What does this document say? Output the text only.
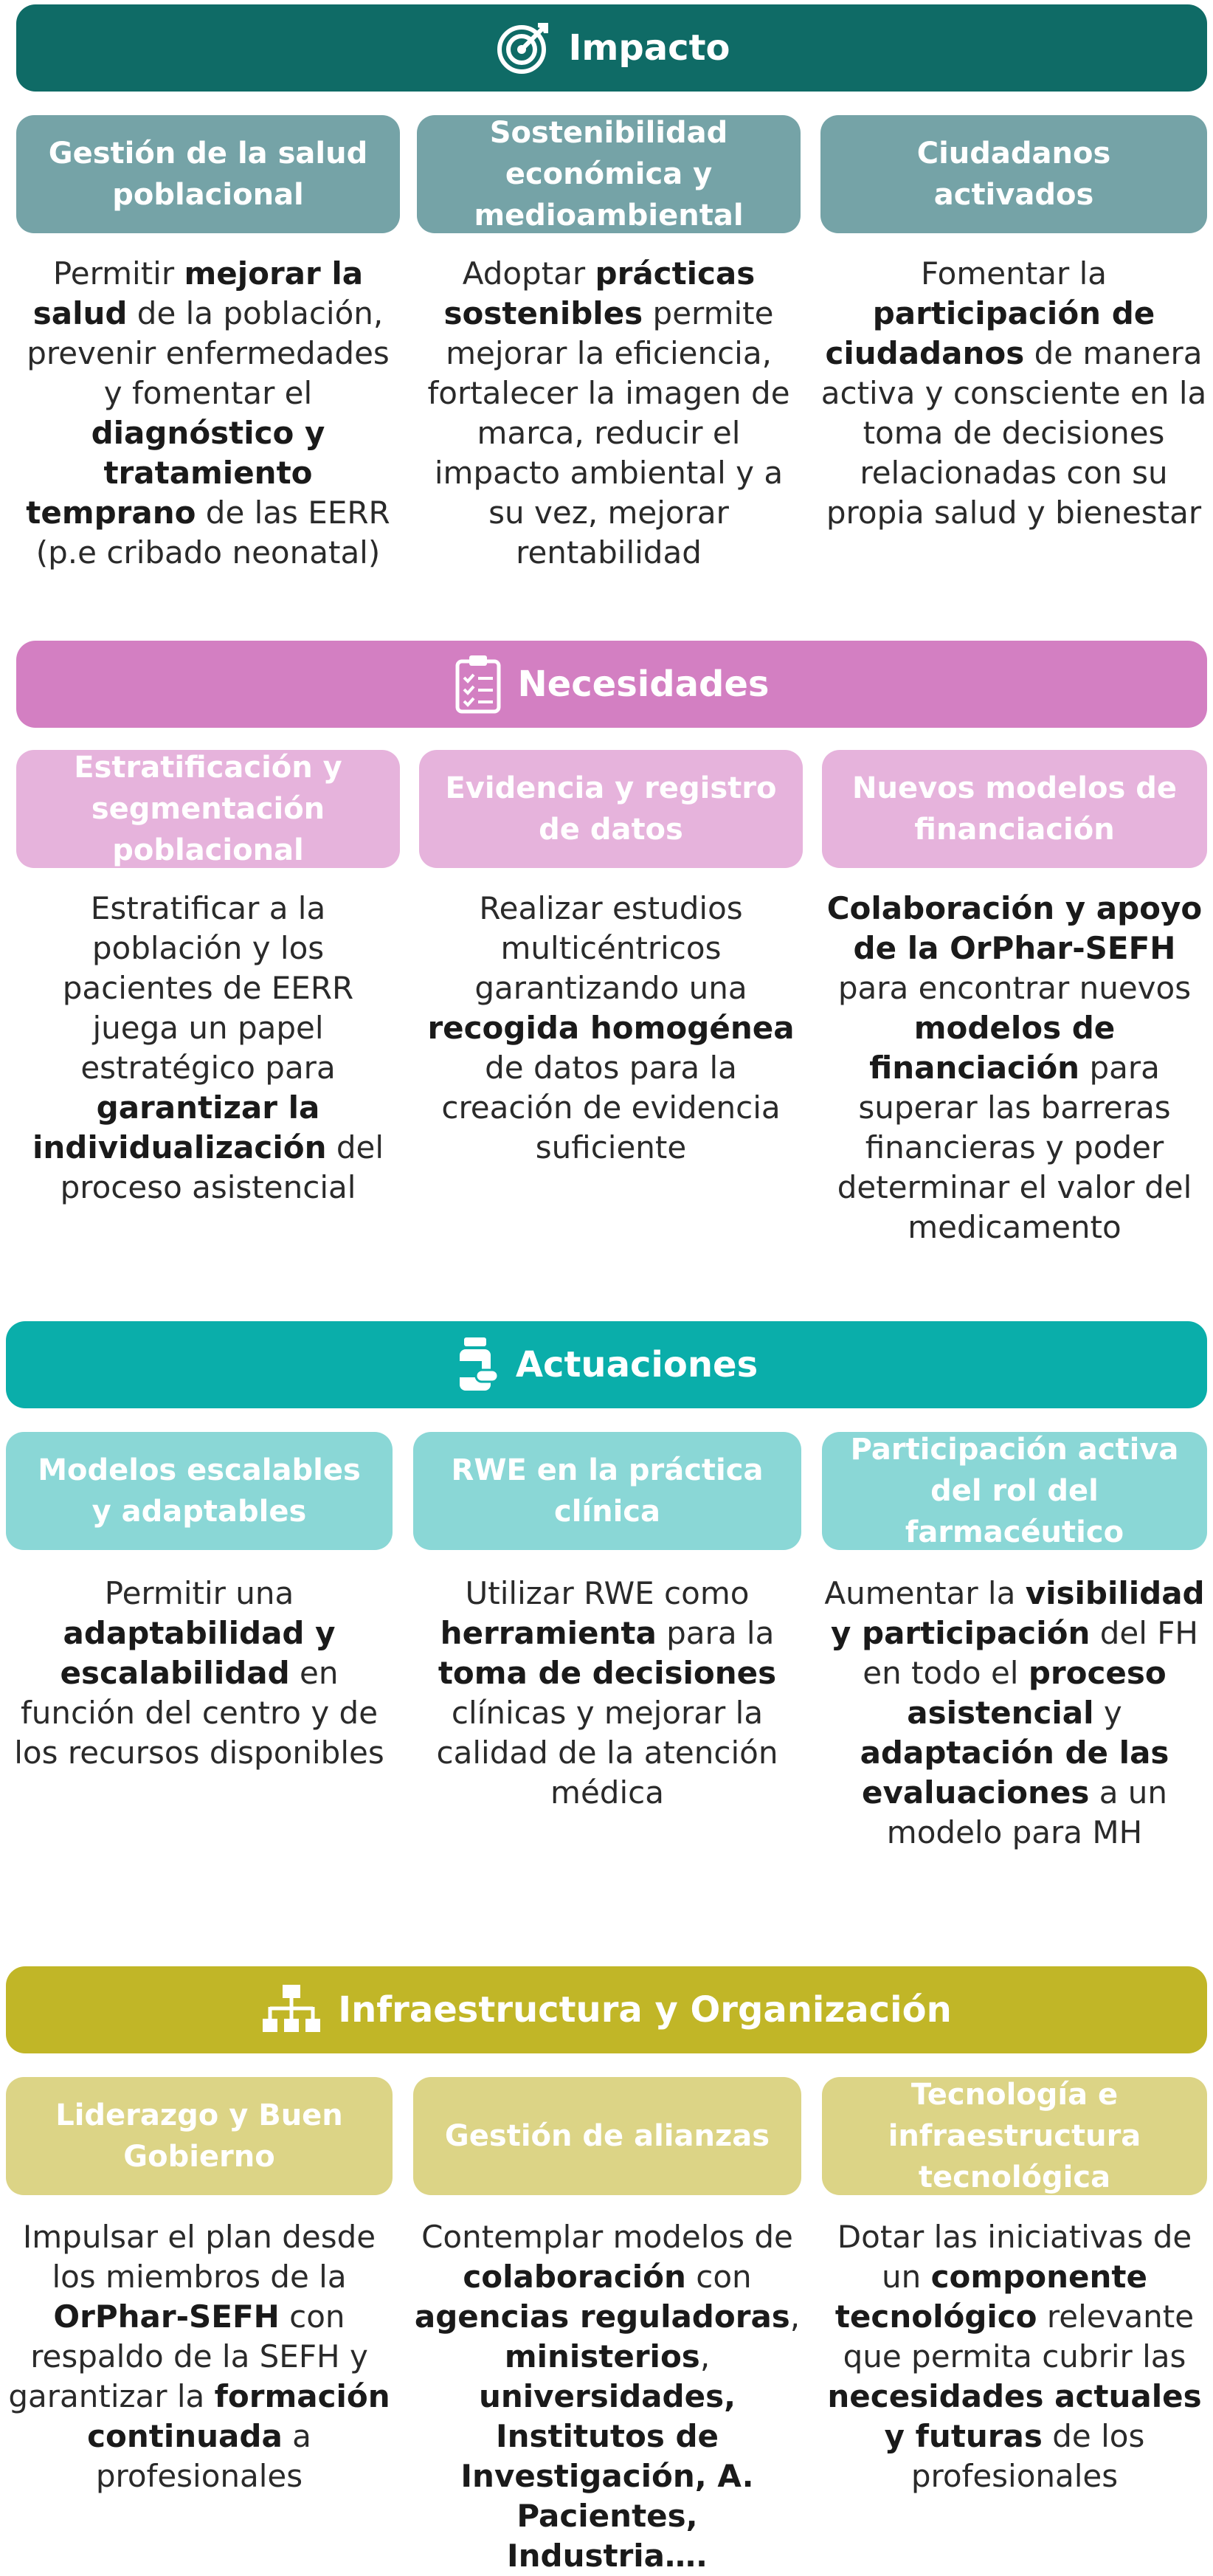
Impacto
Gestión de la salud poblacional
Sostenibilidad económica y medioambiental
Ciudadanos activados

Permitir mejorar la salud de la población, prevenir enfermedades y fomentar el diagnóstico y tratamiento temprano de las EERR (p.e cribado neonatal)

Adoptar prácticas sostenibles permite mejorar la eficiencia, fortalecer la imagen de marca, reducir el impacto ambiental y a su vez, mejorar rentabilidad

Fomentar la participación de ciudadanos de manera activa y consciente en la toma de decisiones relacionadas con su propia salud y bienestar

Necesidades
Estratificación y segmentación poblacional
Evidencia y registro de datos
Nuevos modelos de financiación

Estratificar a la población y los pacientes de EERR juega un papel estratégico para garantizar la individualización del proceso asistencial

Realizar estudios multicéntricos garantizando una recogida homogénea de datos para la creación de evidencia suficiente

Colaboración y apoyo de la OrPhar-SEFH para encontrar nuevos modelos de financiación para superar las barreras financieras y poder determinar el valor del medicamento

Actuaciones
Modelos escalables y adaptables
RWE en la práctica clínica
Participación activa del rol del farmacéutico

Permitir una adaptabilidad y escalabilidad en función del centro y de los recursos disponibles

Utilizar RWE como herramienta para la toma de decisiones clínicas y mejorar la calidad de la atención médica

Aumentar la visibilidad y participación del FH en todo el proceso asistencial y adaptación de las evaluaciones a un modelo para MH

Infraestructura y Organización
Liderazgo y Buen Gobierno
Gestión de alianzas
Tecnología e infraestructura tecnológica

Impulsar el plan desde los miembros de la OrPhar-SEFH con respaldo de la SEFH y garantizar la formación continuada a profesionales

Contemplar modelos de colaboración con agencias reguladoras, ministerios, universidades, Institutos de Investigación, A. Pacientes, Industria….

Dotar las iniciativas de un componente tecnológico relevante que permita cubrir las necesidades actuales y futuras de los profesionales
